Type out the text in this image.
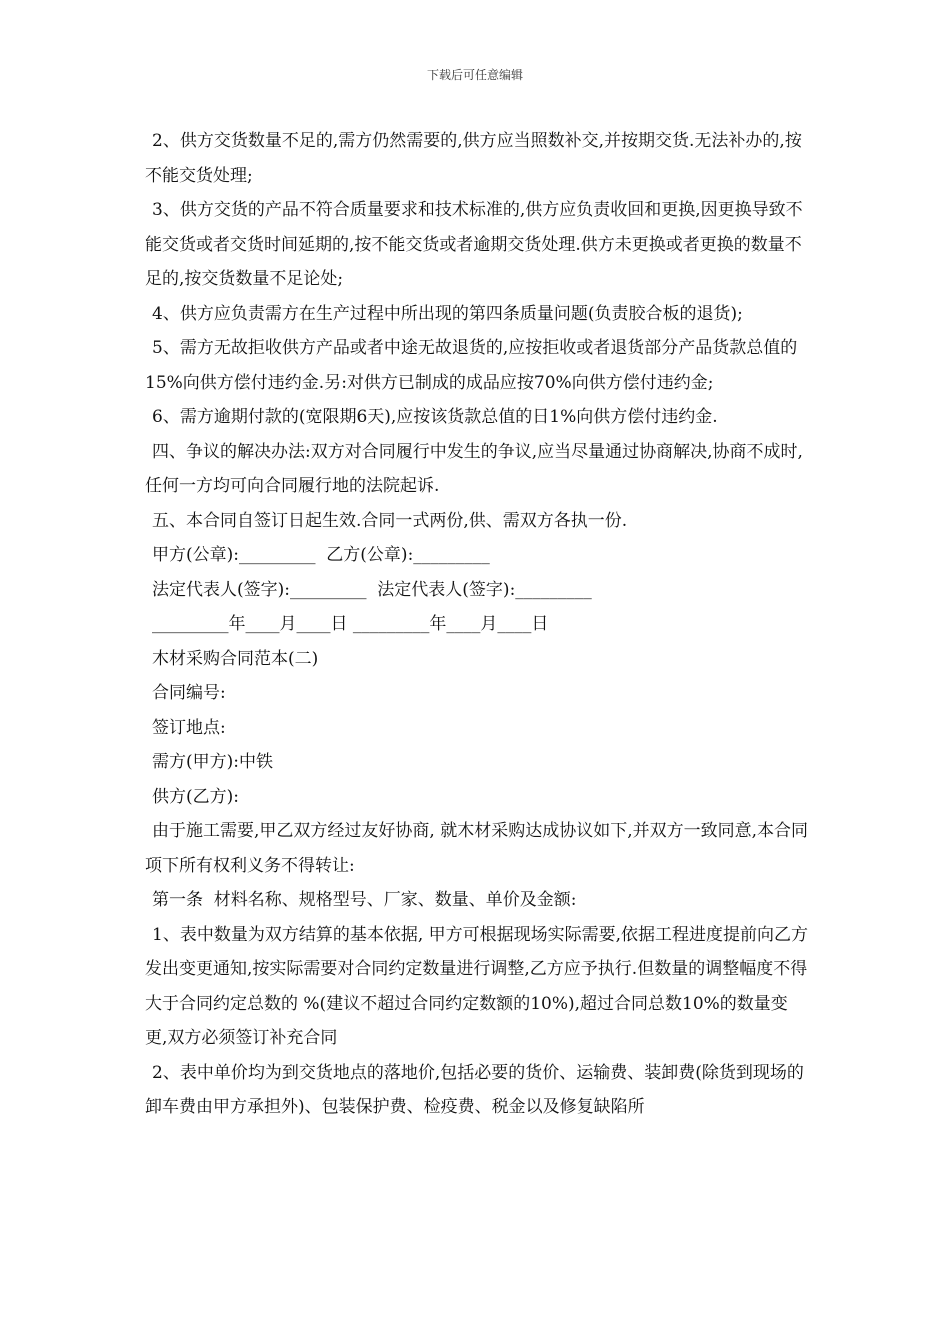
下载后可任意编辑

2、供方交货数量不足的,需方仍然需要的,供方应当照数补交,并按期交货.无法补办的,按不能交货处理;

3、供方交货的产品不符合质量要求和技术标准的,供方应负责收回和更换,因更换导致不能交货或者交货时间延期的,按不能交货或者逾期交货处理.供方未更换或者更换的数量不足的,按交货数量不足论处;

4、供方应负责需方在生产过程中所出现的第四条质量问题(负责胶合板的退货);

5、需方无故拒收供方产品或者中途无故退货的,应按拒收或者退货部分产品货款总值的15%向供方偿付违约金.另:对供方已制成的成品应按70%向供方偿付违约金;

6、需方逾期付款的(宽限期6天),应按该货款总值的日1%向供方偿付违约金.

四、争议的解决办法:双方对合同履行中发生的争议,应当尽量通过协商解决,协商不成时,任何一方均可向合同履行地的法院起诉.

五、本合同自签订日起生效.合同一式两份,供、需双方各执一份.

甲方(公章):_________  乙方(公章):_________

法定代表人(签字):_________  法定代表人(签字):_________

_________年____月____日 _________年____月____日

木材采购合同范本(二)

合同编号:

签订地点:

需方(甲方):中铁

供方(乙方):

由于施工需要,甲乙双方经过友好协商, 就木材采购达成协议如下,并双方一致同意,本合同项下所有权利义务不得转让:

第一条  材料名称、规格型号、厂家、数量、单价及金额:

1、表中数量为双方结算的基本依据, 甲方可根据现场实际需要,依据工程进度提前向乙方发出变更通知,按实际需要对合同约定数量进行调整,乙方应予执行.但数量的调整幅度不得大于合同约定总数的 %(建议不超过合同约定数额的10%),超过合同总数10%的数量变更,双方必须签订补充合同

2、表中单价均为到交货地点的落地价,包括必要的货价、运输费、装卸费(除货到现场的卸车费由甲方承担外)、包装保护费、检疫费、税金以及修复缺陷所
